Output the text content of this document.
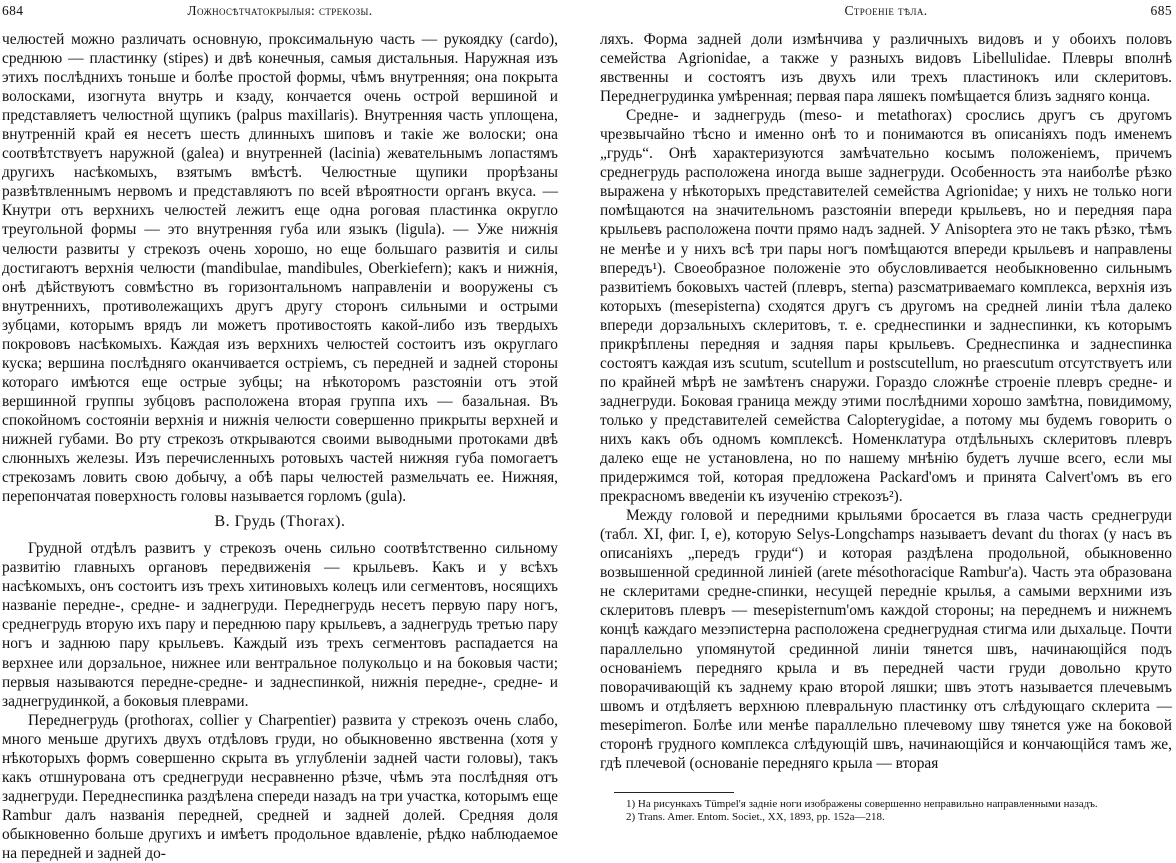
684	Ложносѣтчатокрылыя: стрекозы.

челюстей можно различать основную, проксимальную часть — рукоядку (cardo), среднюю — пластинку (stipes) и двѣ конечныя, самыя дистальныя. Наружная изъ этихъ послѣднихъ тоньше и болѣе простой формы, чѣмъ внутренняя; она покрыта волосками, изогнута внутрь и кзаду, кончается очень острой вершиной и представляетъ челюстной щупикъ (palpus maxillaris). Внутренняя часть уплощена, внутренній край ея несетъ шесть длинныхъ шиповъ и такіе же волоски; она соотвѣтствуетъ наружной (galea) и внутренней (lacinia) жевательнымъ лопастямъ другихъ насѣкомыхъ, взятымъ вмѣстѣ. Челюстные щупики прорѣзаны развѣтвленнымъ нервомъ и представляютъ по всей вѣроятности органъ вкуса. — Кнутри отъ верхнихъ челюстей лежитъ еще одна роговая пластинка округло треугольной формы — это внутренняя губа или языкъ (ligula). — Уже нижнія челюсти развиты у стрекозъ очень хорошо, но еще большаго развитія и силы достигаютъ верхнія челюсти (mandibulae, mandibules, Oberkiefern); какъ и нижнія, онѣ дѣйствуютъ совмѣстно въ горизонтальномъ направленіи и вооружены съ внутреннихъ, противолежащихъ другъ другу сторонъ сильными и острыми зубцами, которымъ врядъ ли можетъ противостоять какой-либо изъ твердыхъ покрововъ насѣкомыхъ. Каждая изъ верхнихъ челюстей состоитъ изъ округлаго куска; вершина послѣдняго оканчивается остріемъ, съ передней и задней стороны котораго имѣются еще острые зубцы; на нѣкоторомъ разстояніи отъ этой вершинной группы зубцовъ расположена вторая группа ихъ — базальная. Въ спокойномъ состояніи верхнія и нижнія челюсти совершенно прикрыты верхней и нижней губами. Во рту стрекозъ открываются своими выводными протоками двѣ слюнныхъ железы. Изъ перечисленныхъ ротовыхъ частей нижняя губа помогаетъ стрекозамъ ловить свою добычу, а обѣ пары челюстей размельчать ее. Нижняя, перепончатая поверхность головы называется горломъ (gula).

B. Грудь (Thorax).

Грудной отдѣлъ развитъ у стрекозъ очень сильно соотвѣтственно сильному развитію главныхъ органовъ передвиженія — крыльевъ. Какъ и у всѣхъ насѣкомыхъ, онъ состоитъ изъ трехъ хитиновыхъ колецъ или сегментовъ, носящихъ названіе передне-, средне- и заднегруди. Переднегрудь несетъ первую пару ногъ, среднегрудь вторую ихъ пару и переднюю пару крыльевъ, а заднегрудь третью пару ногъ и заднюю пару крыльевъ. Каждый изъ трехъ сегментовъ распадается на верхнее или дорзальное, нижнее или вентральное полукольцо и на боковыя части; первыя называются передне-средне- и заднеспинкой, нижнія передне-, средне- и заднегрудинкой, а боковыя плеврами.

Переднегрудь (prothorax, collier у Charpentier) развита у стрекозъ очень слабо, много меньше другихъ двухъ отдѣловъ груди, но обыкновенно явственна (хотя у нѣкоторыхъ формъ совершенно скрыта въ углубленіи задней части головы), такъ какъ отшнурована отъ среднегруди несравненно рѣзче, чѣмъ эта послѣдняя отъ заднегруди. Переднеспинка раздѣлена спереди назадъ на три участка, которымъ еще Rambur далъ названія передней, средней и задней долей. Средняя доля обыкновенно больше другихъ и имѣетъ продольное вдавленіе, рѣдко наблюдаемое на передней и задней до-

Строеніе тѣла.	685

ляхъ. Форма задней доли измѣнчива у различныхъ видовъ и у обоихъ половъ семейства Agrionidae, а также у разныхъ видовъ Libellulidae. Плевры вполнѣ явственны и состоятъ изъ двухъ или трехъ пластинокъ или склеритовъ. Переднегрудинка умѣренная; первая пара ляшекъ помѣщается близъ задняго конца.

Средне- и заднегрудь (meso- и metathorax) срослись другъ съ другомъ чрезвычайно тѣсно и именно онѣ то и понимаются въ описаніяхъ подъ именемъ „грудь“. Онѣ характеризуются замѣчательно косымъ положеніемъ, причемъ среднегрудь расположена иногда выше заднегруди. Особенность эта наиболѣе рѣзко выражена у нѣкоторыхъ представителей семейства Agrionidae; у нихъ не только ноги помѣщаются на значительномъ разстояніи впереди крыльевъ, но и передняя пара крыльевъ расположена почти прямо надъ задней. У Anisoptera это не такъ рѣзко, тѣмъ не менѣе и у нихъ всѣ три пары ногъ помѣщаются впереди крыльевъ и направлены впередъ¹). Своеобразное положеніе это обусловливается необыкновенно сильнымъ развитіемъ боковыхъ частей (плевръ, sterna) разсматриваемаго комплекса, верхнія изъ которыхъ (mesepisterna) сходятся другъ съ другомъ на средней линіи тѣла далеко впереди дорзальныхъ склеритовъ, т. е. среднеспинки и заднеспинки, къ которымъ прикрѣплены передняя и задняя пары крыльевъ. Среднеспинка и заднеспинка состоятъ каждая изъ scutum, scutellum и postscutellum, но praescutum отсутствуетъ или по крайней мѣрѣ не замѣтенъ снаружи. Гораздо сложнѣе строеніе плевръ средне- и заднегруди. Боковая граница между этими послѣдними хорошо замѣтна, повидимому, только у представителей семейства Calopterygidae, а потому мы будемъ говорить о нихъ какъ объ одномъ комплексѣ. Номенклатура отдѣльныхъ склеритовъ плевръ далеко еще не установлена, но по нашему мнѣнію будетъ лучше всего, если мы придержимся той, которая предложена Packard'омъ и принята Calvert'омъ въ его прекрасномъ введеніи къ изученію стрекозъ²).

Между головой и передними крыльями бросается въ глаза часть среднегруди (табл. XI, фиг. I, e), которую Selys-Longchamps называетъ devant du thorax (у насъ въ описаніяхъ „передъ груди“) и которая раздѣлена продольной, обыкновенно возвышенной срединной линіей (arete mésothoracique Rambur'a). Часть эта образована не склеритами средне-спинки, несущей передніе крылья, а самыми верхними изъ склеритовъ плевръ — mesepisternum'омъ каждой стороны; на переднемъ и нижнемъ концѣ каждаго мезэпистерна расположена среднегрудная стигма или дыхальце. Почти параллельно упомянутой срединной линіи тянется швъ, начинающійся подъ основаніемъ передняго крыла и въ передней части груди довольно круто поворачивающій къ заднему краю второй ляшки; швъ этотъ называется плечевымъ швомъ и отдѣляетъ верхнюю плевральную пластинку отъ слѣдующаго склерита — mesepimeron. Болѣе или менѣе параллельно плечевому шву тянется уже на боковой сторонѣ грудного комплекса слѣдующій швъ, начинающійся и кончающійся тамъ же, гдѣ плечевой (основаніе передняго крыла — вторая

1) На рисункахъ Tümpel'я задніе ноги изображены совершенно неправильно направленными назадъ.
2) Trans. Amer. Entom. Societ., XX, 1893, pp. 152a—218.
